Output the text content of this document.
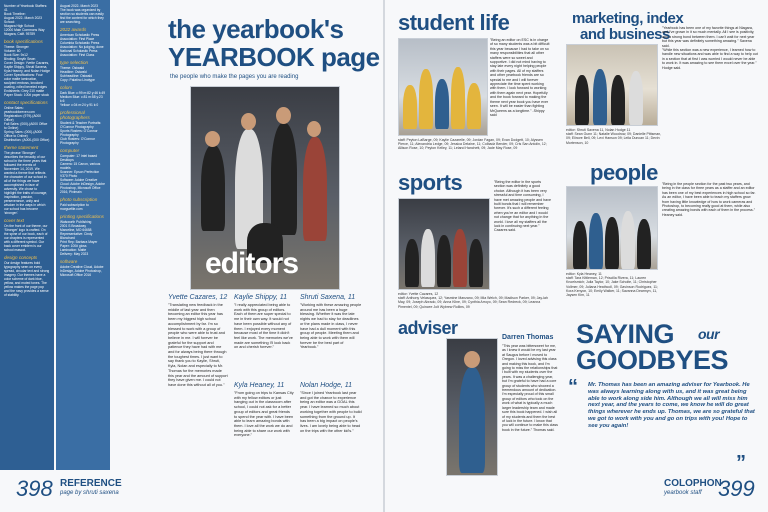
Number of Yearbook Staffers: 41
Book Timeline:
August 2022- March 2023
School:
Niagara High School
12000 Main Commons Way
Niagara, Calif. 95789
book specifications
Theme: Stronger
Volume: 60
Book Size: 9x12
Binding: Smyth Sewn
Cover Design: Yvette Cazares, Kaylie Shippy, Shruti Saxena, Kyla Heaney, and Nolan Hodge
Cover Specifications: Four color matte lamination, sculpted emboss, knocked coating, rolled beveled edges
Endsheets: Grey 210 matte
Paper Stock: 100# paper stock
contact specifications
Online Sales:
yearbookforever.com
Registration: (979)-(A000 Office)
Fall Sales: (000)-(A000 Office to Online)
Spring Sales: (000)-(A000 Office to Online)
Distribution: (A000-(000 Office)
theme statement
The phrase 'Stronger' describes the tenacity of our school in the three years that followed the events of November 14, 2019. We wanted a theme that reflects the character of our school in all of the things we have accomplished in face of adversity. We chose to highlight the traits of courage, inspiration, passion, perseverance, unity and wisdom in the ways in which our school has become 'stronger'.
cover text
On the front of our theme, our 'Stronger' logo is crafted. On the spine of our book, each of our chapters is represented with a different symbol. Our back cover emblem is our school mascot.
design concepts
Our design features bold typography seen on every spread, circular text and strong imagery. Our themes have a color scheme of dark blue, yellow, and muted tones. The yellow makes the page pop and the navy provides a sense of stability.
August 2022- March 2023
The book was organized by section so students can easily find the content for which they are searching.
2022 awards
American Scholastic Press Association: First Place
Columbia Scholastic Press Association: No judging, done
National Scholastic Press Association: First Class
type selection
Theme: Ostwald
Headline: Ostwald
Subheadline: Ostwald
Copy: Palatino Linotype
colors
Dark Blue: c:99 m:82 y:46 k:49
Medium Blue: c:81 m:58 y:23 k:6
Yellow: c:04 m:24 y:91 k:0
professional photographers
Student & Teacher Portraits: O'Connor Photography
Sports Rosters: O'Connor Photography
Club Rosters: O'Connor Photography
computer
Computer: 17 Intel based Desktops
Camera: 15 Canon, various models
Scanner: Epson Perfection V370 Photo
Software: Adobe Creative Cloud: Adobe InDesign, Adobe Photoshop, Microsoft Office 2016, Pixlmain
photo subscription
Paid subscription to morguefile.com
printing specifications
Walsworth Publishing
2001 S Broadway
Marceline, MO 64658
Representative: Cindy Blanchard
Print Rep: Barbara Mayer
Paper: 100# gloss
Lamination: Matte
Delivery: May 2023
software
Adobe Creative Cloud, Adobe InDesign, Adobe Photoshop, Microsoft Office 2016
the yearbook's
YEARBOOK page
the people who make the pages you are reading
editors
Yvette Cazares, 12
"Translating new feedback in the middle of last year and then becoming an editor this year has been my biggest high school accomplishment by far. I'm so blessed to work with a group of people who were able to trust and believe in me. I will forever be grateful for the support and patience they have had with me and for always being there through the toughest times. I just want to say thank you to Kaylie, Shruti, Kyla, Nolan and especially to Mr. Thomas for the memories made this year and the amount of support they have given me. I could not have done this without all of you."
Kaylie Shippy, 11
"I really appreciated being able to work with this group of editors. Each of them are super special to me in their own way. It would not have been possible without any of them. I enjoyed every moment because most of the time it didn't feel like work. The memories we've made are something I'll look back on and cherish forever."
Shruti Saxena, 11
"Working with these amazing people around me has been a huge blessing. Whether it was the late nights we had to stay for deadlines or the plans made in class, I never have had a dull moment with this group of people. Meeting them and being able to work with them will forever be the best part of Yearbook."
Kyla Heaney, 11
"From going on trips to Kansas City with my fellow editors or just hanging out in the classroom after school, I could not ask for a better group of editors and great friends to spend the year with. I have been able to learn amazing bonds with them. I love all the work we do and being able to share our work with everyone."
Nolan Hodge, 11
"Since I joined Yearbook last year and got the chance to experience being an editor was a GOAL this year. I have learned so much about working together with people to build something from the ground up. It has been a big impact on people's lives. I am lovely being able to head on the trips with the other kid's."
398 REFERENCE
page by shruti saxena
student life
"Being an editor on ESC is in charge of so many students was a bit difficult this year because I had to take on so many responsibilities that all other staffers were so sweet and supportive. I did not mind having to stay late every night helping people with their pages. All of my staffers and other yearbook friends are so special to me and I will forever appreciate the time spent working with them. I look forward to working with them again next year. Hopefully and the book forward to making the theme next year book you have ever seen. It will be easier than fighting MrQueens as a longtime." -Shippy said
staff: Peyton LaBarge, 09; Kaylie Cazarelle, 09; Jordan Fagan, 09; Evan Dodgett, 10; Alyssen Pierce, 11; Alexandria Ledge, 09; Jessica Delaine, 11; Colbadz Bender, 09; Cris San Antolin, 12; Allison Rose, 10; Peyton Kelley, 11; Leland Hanchett, 09; Jade May Rose, 09
marketing, index
and business
"Yearbook has been one of my favorite things at Niagara, and I've grown in it so much mentally. All I see is positivity, and a strong bond between them. I can't wait for next year but this year was definitely something amazing." Saxena said.
"While this section was a new experience, I learned how to handle new situations and was able to find a way to help out in a section that at first I was worried I would never be able to work in. It was amazing to see them excel over the year." Hodge said.
editor: Shruti Saxena 11, Nolan Hodge 11
staff: Sean Gunn 11; Natalie Woodrow, 09; Danielle Pittsman, 09; Elinore Bell, 09; Lexi Hanson 09; Leila Duncan 11; Devin Mortenson, 10
sports	"Being the editor in the sports section was definitely a good choice. Although it has been very stressful and time consuming, I have met amazing people and have built bonds that I will remember forever. It's such a different feeling when you're an editor and I would not change that for anything in the world. I love all my staffers all the luck in continuing next year." Cazares said.
editor: Yvette Cazares, 12
staff: Anthony Velasquez, 12; Yasmine Manzano, 09; Mia Welch, 09; Madison Parker, 09; Jay-lah May, 09; Joseph Abrado, 09; Anna Kline, 09; Cynthia Arroyo, 09; Sean Redreck, 09; Leanna Pimentel, 09; Quincee Jolt Wybrew Rollins, 09
people "Being in the people section for the past two years, and being in the class for three years as a staffer and an editor has been one of my best experiences in high school so far. As an editor, I have been able to teach my staffers grow from having little knowledge of how to work cameras and Photoshop, to becoming really good at them, while also creating amazing bonds with each of them in the process." Heaney said.
editor: Kyla Heaney, 11
staff: Tara Kittleman, 12; Priscilla Rivera, 11; Lauren Knoelsmich; Julia Taylor, 10; Jake Scholte, 11; Christopher Vollmer, 09; Juliana Heathcoll, 09; Gavinson Rodriguez, 11; Kora Kenyon, 10; Emily Walker, 11; Savanna Dearmyn, 11, Jaysen Kim, 11
adviser	Darren Thomas
"This year was bittersweet for me, as I knew it would be my last year at Saugus before I moved to Oregon. I loved advising this class and making this book, and I'm going to miss the relationships that I built with my students over the years. It was a challenging year, but I'm grateful to have had a core group of students who showed a tremendous amount of dedication. I'm especially proud of this small group of editors who took on the work of what is typically a much larger leadership team and made sure this book happened. I wish all of my students and them the best of luck in the future. I know that you will continue to make this class book in the future." Thomas said.
SAYING our
GOODBYES
“ Mr. Thomas has been an amazing adviser for Yearbook. He was always learning along with us, and it was great being able to work along side him. Although we all will miss him next year, and the years to come, we know he will do great things wherever he ends up. Thomas, we are so grateful that we got to work with you and go on trips with you! Hope to see you again!
”
COLOPHON
yearbook staff 399
